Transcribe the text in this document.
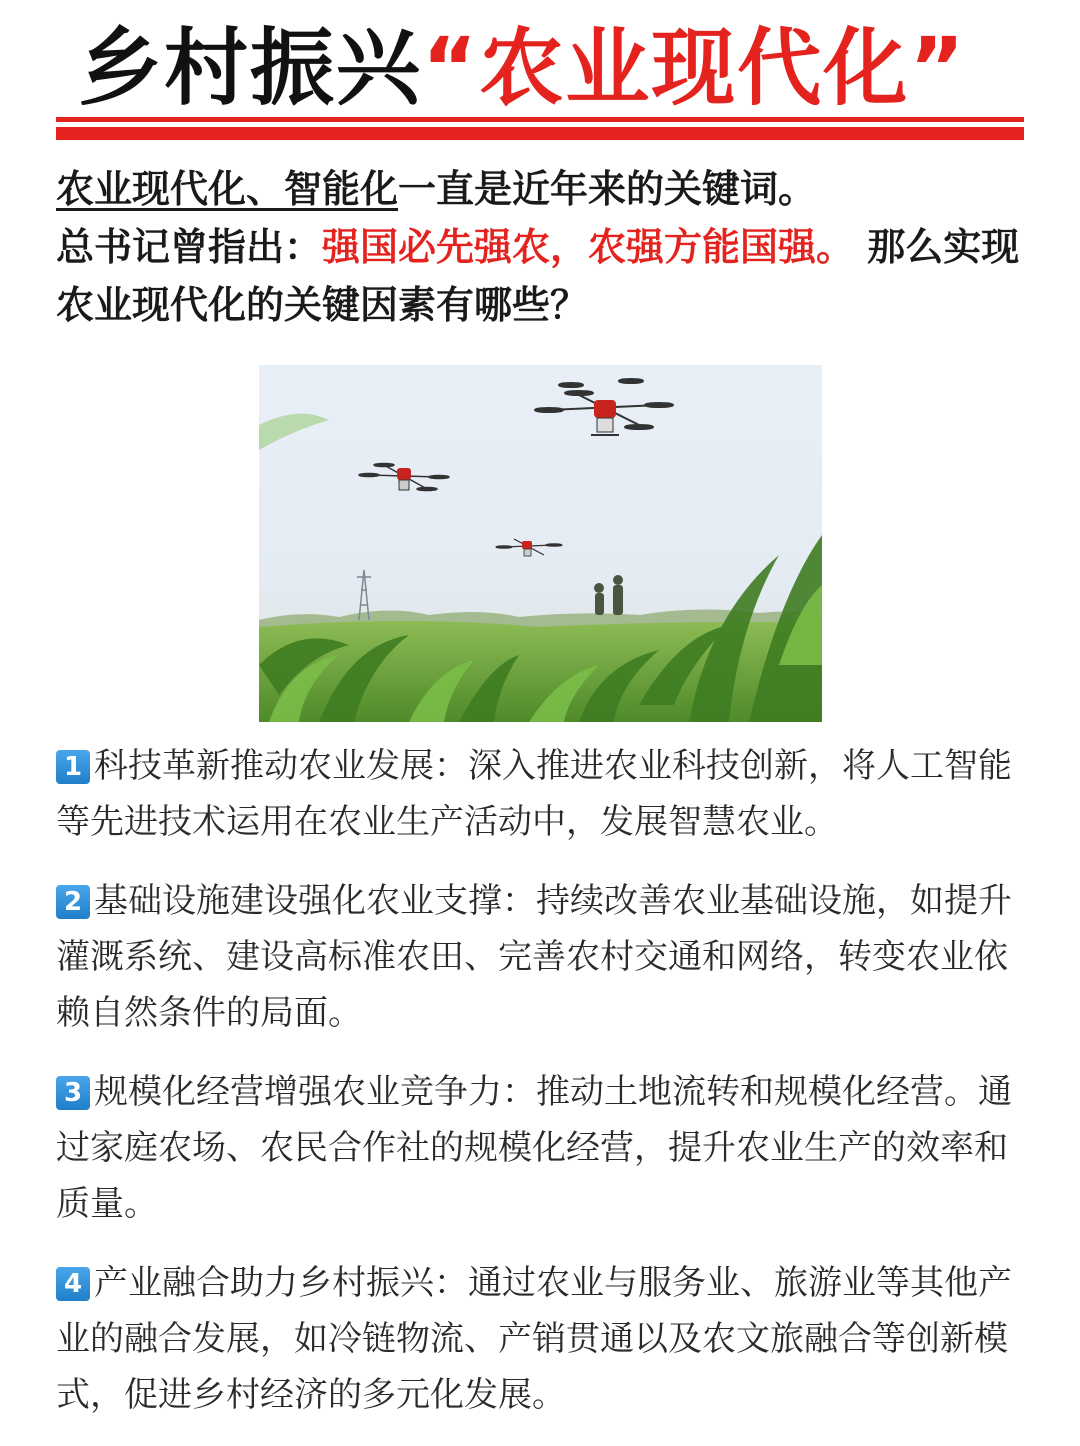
乡村振兴“农业现代化”
农业现代化、智能化一直是近年来的关键词。
总书记曾指出：强国必先强农，农强方能国强。 那么实现农业现代化的关键因素有哪些？
1 科技革新推动农业发展：深入推进农业科技创新，将人工智能等先进技术运用在农业生产活动中，发展智慧农业。
2 基础设施建设强化农业支撑：持续改善农业基础设施，如提升灌溉系统、建设高标准农田、完善农村交通和网络，转变农业依赖自然条件的局面。
3 规模化经营增强农业竞争力：推动土地流转和规模化经营。通过家庭农场、农民合作社的规模化经营，提升农业生产的效率和质量。
4 产业融合助力乡村振兴：通过农业与服务业、旅游业等其他产业的融合发展，如冷链物流、产销贯通以及农文旅融合等创新模式，促进乡村经济的多元化发展。
